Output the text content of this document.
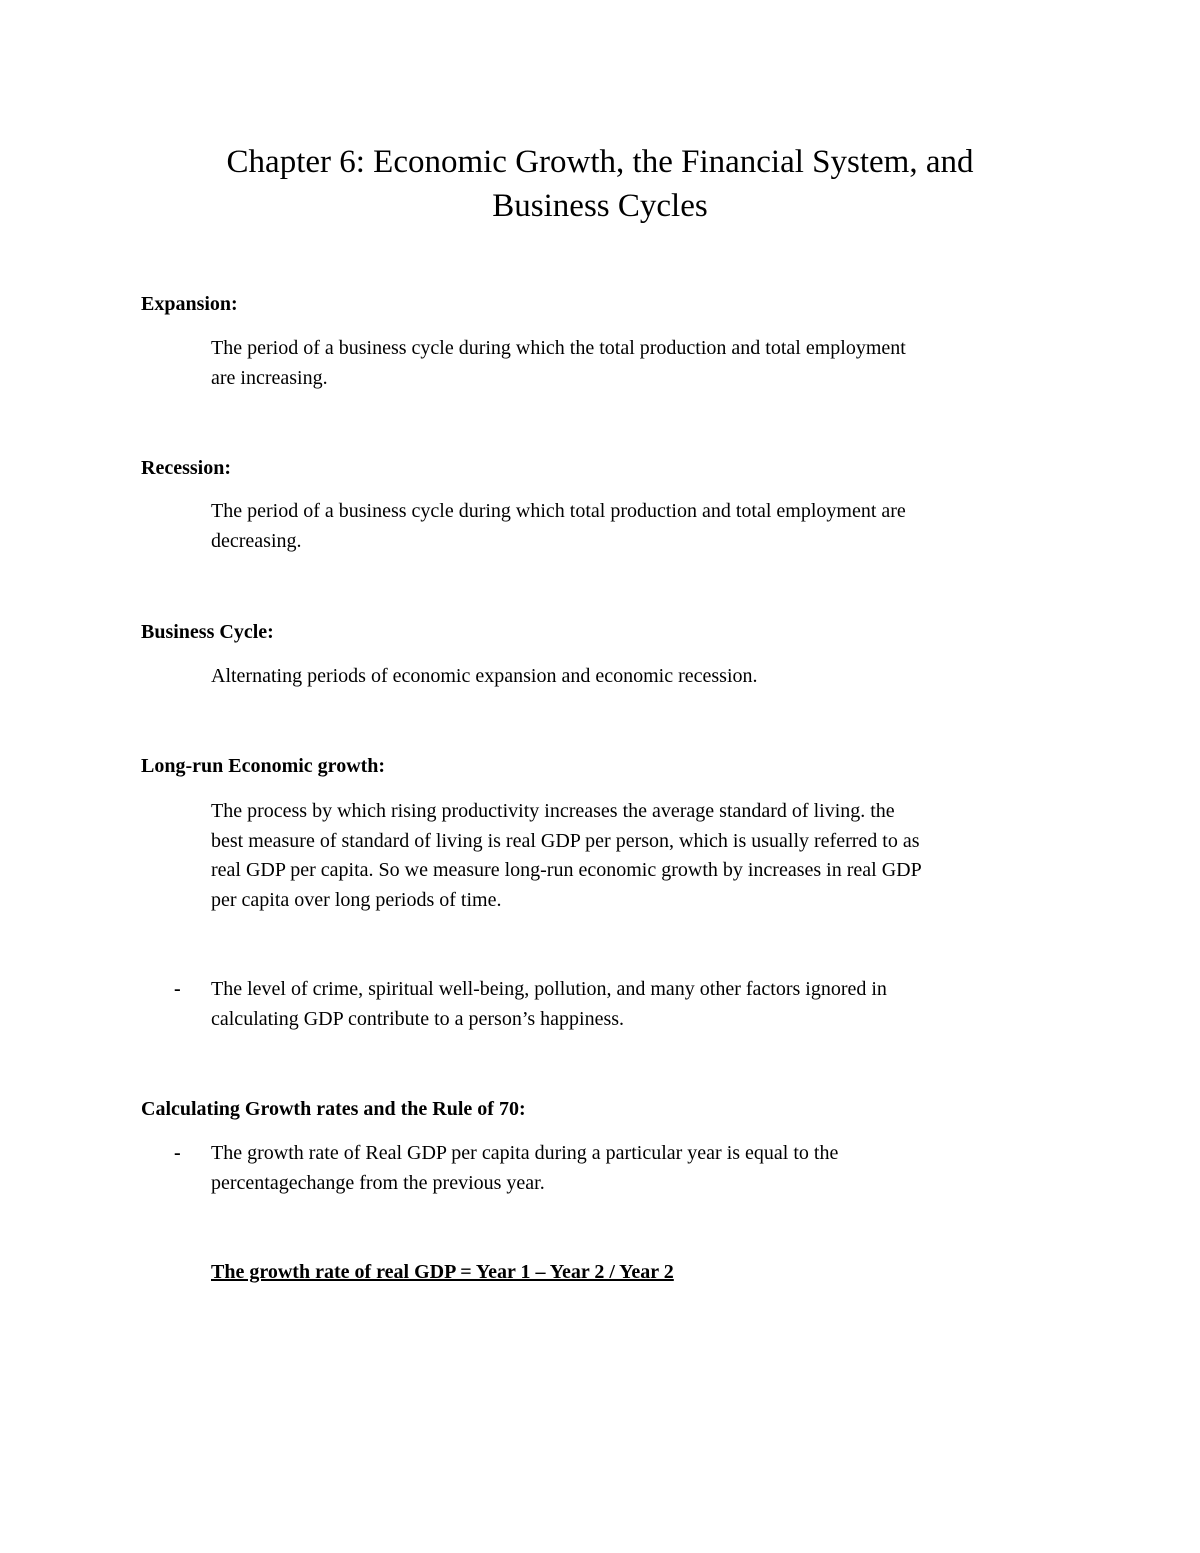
Chapter 6: Economic Growth, the Financial System, and
Business Cycles
Expansion:
The period of a business cycle during which the total production and total employment
are increasing.
Recession:
The period of a business cycle during which total production and total employment are
decreasing.
Business Cycle:
Alternating periods of economic expansion and economic recession.
Long-run Economic growth:
The process by which rising productivity increases the average standard of living. the
best measure of standard of living is real GDP per person, which is usually referred to as
real GDP per capita. So we measure long-run economic growth by increases in real GDP
per capita over long periods of time.
- The level of crime, spiritual well-being, pollution, and many other factors ignored in
calculating GDP contribute to a person’s happiness.
Calculating Growth rates and the Rule of 70:
- The growth rate of Real GDP per capita during a particular year is equal to the
percentagechange from the previous year.
The growth rate of real GDP = Year 1 – Year 2 / Year 2
